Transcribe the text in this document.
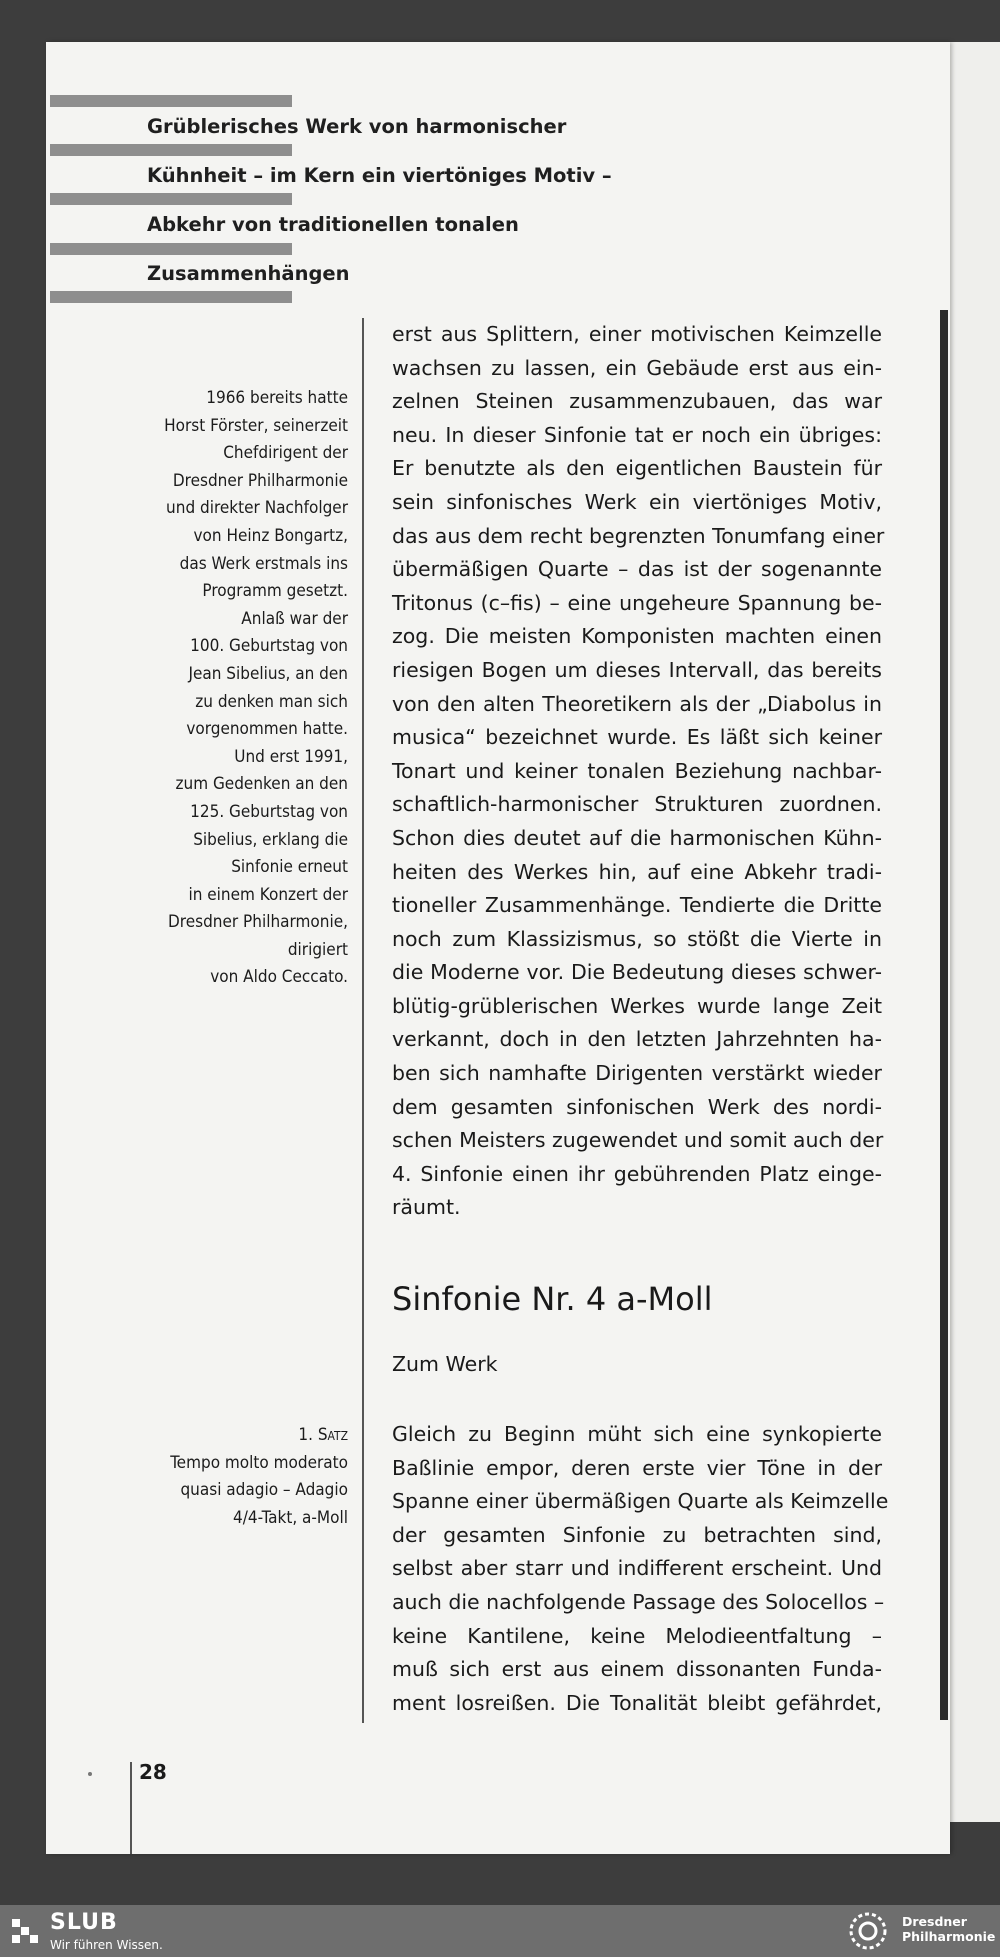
Grüblerisches Werk von harmonischer
Kühnheit – im Kern ein viertöniges Motiv –
Abkehr von traditionellen tonalen
Zusammenhängen
1966 bereits hatte
Horst Förster, seinerzeit
Chefdirigent der
Dresdner Philharmonie
und direkter Nachfolger
von Heinz Bongartz,
das Werk erstmals ins
Programm gesetzt.
Anlaß war der
100. Geburtstag von
Jean Sibelius, an den
zu denken man sich
vorgenommen hatte.
Und erst 1991,
zum Gedenken an den
125. Geburtstag von
Sibelius, erklang die
Sinfonie erneut
in einem Konzert der
Dresdner Philharmonie,
dirigiert
von Aldo Ceccato.
1. Satz
Tempo molto moderato
quasi adagio – Adagio
4/4-Takt, a-Moll
erst aus Splittern, einer motivischen Keimzelle
wachsen zu lassen, ein Gebäude erst aus ein-
zelnen Steinen zusammenzubauen, das war
neu. In dieser Sinfonie tat er noch ein übriges:
Er benutzte als den eigentlichen Baustein für
sein sinfonisches Werk ein viertöniges Motiv,
das aus dem recht begrenzten Tonumfang einer
übermäßigen Quarte – das ist der sogenannte
Tritonus (c–fis) – eine ungeheure Spannung be-
zog. Die meisten Komponisten machten einen
riesigen Bogen um dieses Intervall, das bereits
von den alten Theoretikern als der „Diabolus in
musica“ bezeichnet wurde. Es läßt sich keiner
Tonart und keiner tonalen Beziehung nachbar-
schaftlich-harmonischer Strukturen zuordnen.
Schon dies deutet auf die harmonischen Kühn-
heiten des Werkes hin, auf eine Abkehr tradi-
tioneller Zusammenhänge. Tendierte die Dritte
noch zum Klassizismus, so stößt die Vierte in
die Moderne vor. Die Bedeutung dieses schwer-
blütig-grüblerischen Werkes wurde lange Zeit
verkannt, doch in den letzten Jahrzehnten ha-
ben sich namhafte Dirigenten verstärkt wieder
dem gesamten sinfonischen Werk des nordi-
schen Meisters zugewendet und somit auch der
4. Sinfonie einen ihr gebührenden Platz einge-
räumt.
Sinfonie Nr. 4 a-Moll
Zum Werk
Gleich zu Beginn müht sich eine synkopierte
Baßlinie empor, deren erste vier Töne in der
Spanne einer übermäßigen Quarte als Keimzelle
der gesamten Sinfonie zu betrachten sind,
selbst aber starr und indifferent erscheint. Und
auch die nachfolgende Passage des Solocellos –
keine Kantilene, keine Melodieentfaltung –
muß sich erst aus einem dissonanten Funda-
ment losreißen. Die Tonalität bleibt gefährdet,
28
SLUB
Wir führen Wissen.
Dresdner
Philharmonie
